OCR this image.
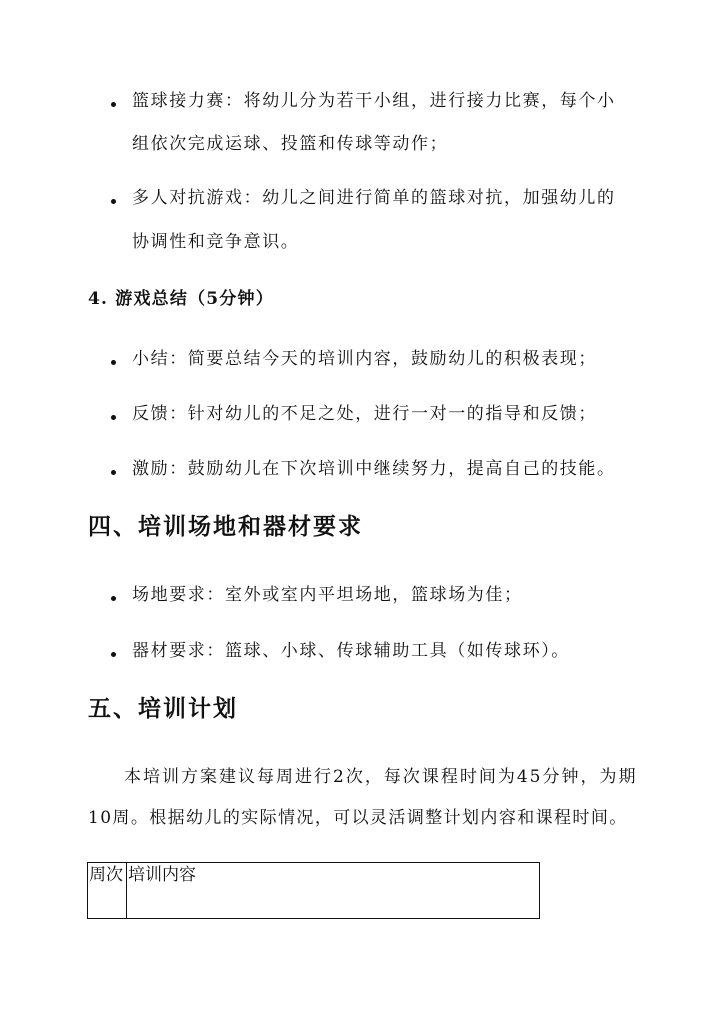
篮球接力赛：将幼儿分为若干小组，进行接力比赛，每个小
组依次完成运球、投篮和传球等动作；
多人对抗游戏：幼儿之间进行简单的篮球对抗，加强幼儿的
协调性和竞争意识。
4. 游戏总结（5分钟）
小结：简要总结今天的培训内容，鼓励幼儿的积极表现；
反馈：针对幼儿的不足之处，进行一对一的指导和反馈；
激励：鼓励幼儿在下次培训中继续努力，提高自己的技能。
四、培训场地和器材要求
场地要求：室外或室内平坦场地，篮球场为佳；
器材要求：篮球、小球、传球辅助工具（如传球环）。
五、培训计划
本培训方案建议每周进行2次，每次课程时间为45分钟，为期
10周。根据幼儿的实际情况，可以灵活调整计划内容和课程时间。
周次	培训内容
